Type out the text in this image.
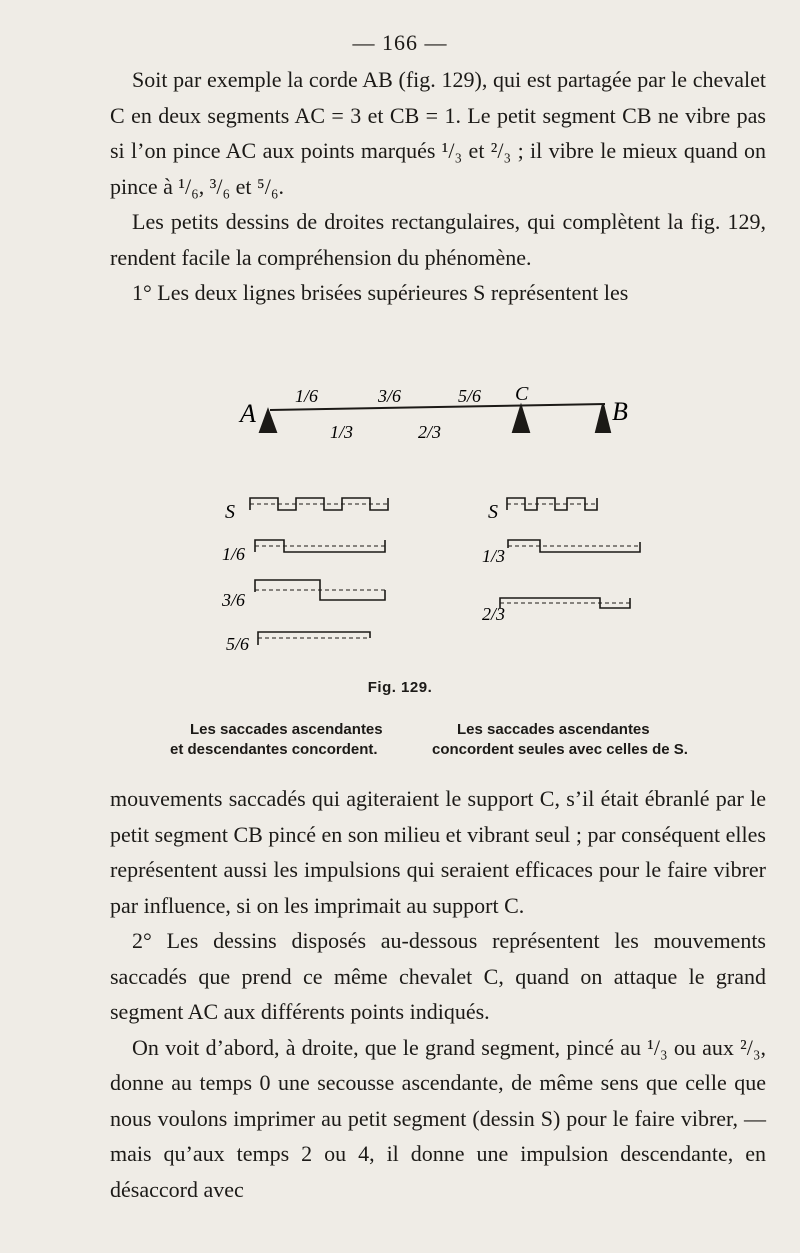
— 166 —

Soit par exemple la corde AB (fig. 129), qui est partagée par le chevalet C en deux segments AC = 3 et CB = 1. Le petit segment CB ne vibre pas si l’on pince AC aux points marqués ¹/₃ et ²/₃ ; il vibre le mieux quand on pince à ¹/₆, ³/₆ et ⁵/₆.

Les petits dessins de droites rectangulaires, qui complètent la fig. 129, rendent facile la compréhension du phénomène.

1° Les deux lignes brisées supérieures S représentent les

A	B
C
1/6	3/6	5/6
1/3	2/3
S
1/6
3/6
5/6
S
1/3
2/3
Fig. 129.
Les saccades ascendantes
et descendantes concordent.
Les saccades ascendantes
concordent seules avec celles de S.

mouvements saccadés qui agiteraient le support C, s’il était ébranlé par le petit segment CB pincé en son milieu et vibrant seul ; par conséquent elles représentent aussi les impulsions qui seraient efficaces pour le faire vibrer par influence, si on les imprimait au support C.

2° Les dessins disposés au-dessous représentent les mouvements saccadés que prend ce même chevalet C, quand on attaque le grand segment AC aux différents points indiqués.

On voit d’abord, à droite, que le grand segment, pincé au ¹/₃ ou aux ²/₃, donne au temps 0 une secousse ascendante, de même sens que celle que nous voulons imprimer au petit segment (dessin S) pour le faire vibrer, — mais qu’aux temps 2 ou 4, il donne une impulsion descendante, en désaccord avec
